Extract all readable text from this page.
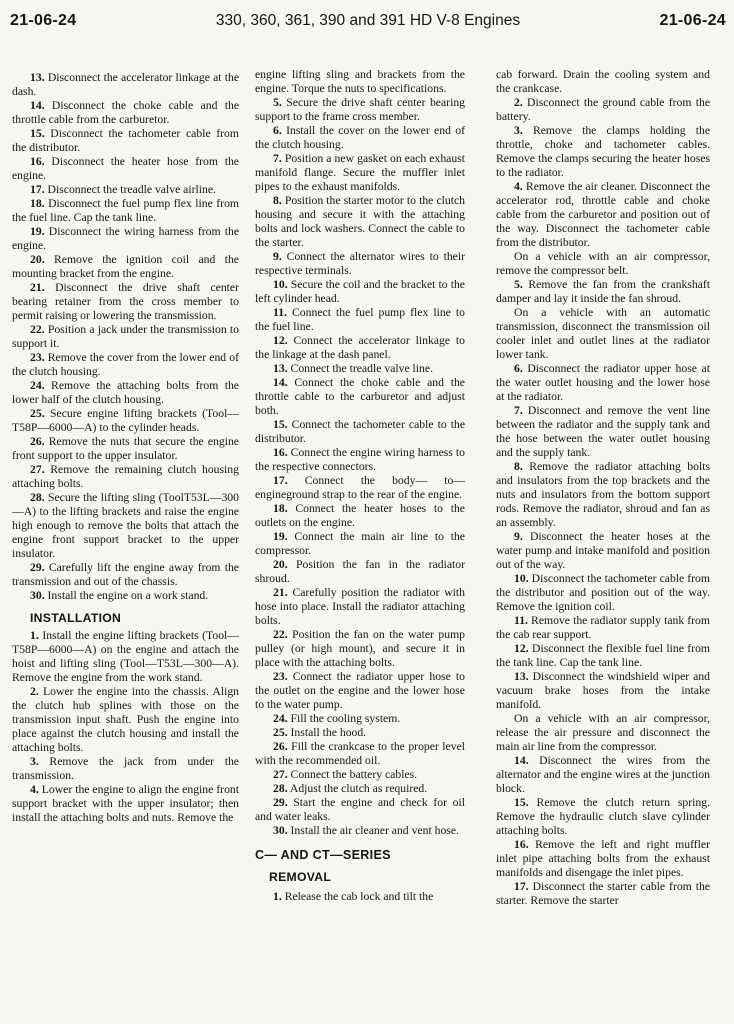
21-06-24	330, 360, 361, 390 and 391 HD V-8 Engines	21-06-24

13. Disconnect the accelerator linkage at the dash.

14. Disconnect the choke cable and the throttle cable from the carburetor.

15. Disconnect the tachometer cable from the distributor.

16. Disconnect the heater hose from the engine.

17. Disconnect the treadle valve airline.

18. Disconnect the fuel pump flex line from the fuel line. Cap the tank line.

19. Disconnect the wiring harness from the engine.

20. Remove the ignition coil and the mounting bracket from the engine.

21. Disconnect the drive shaft center bearing retainer from the cross member to permit raising or lowering the transmission.

22. Position a jack under the transmission to support it.

23. Remove the cover from the lower end of the clutch housing.

24. Remove the attaching bolts from the lower half of the clutch housing.

25. Secure engine lifting brackets (Tool—T58P—6000—A) to the cylinder heads.

26. Remove the nuts that secure the engine front support to the upper insulator.

27. Remove the remaining clutch housing attaching bolts.

28. Secure the lifting sling (ToolT53L—300—A) to the lifting brackets and raise the engine high enough to remove the bolts that attach the engine front support bracket to the upper insulator.

29. Carefully lift the engine away from the transmission and out of the chassis.

30. Install the engine on a work stand.

INSTALLATION

1. Install the engine lifting brackets (Tool—T58P—6000—A) on the engine and attach the hoist and lifting sling (Tool—T53L—300—A). Remove the engine from the work stand.

2. Lower the engine into the chassis. Align the clutch hub splines with those on the transmission input shaft. Push the engine into place against the clutch housing and install the attaching bolts.

3. Remove the jack from under the transmission.

4. Lower the engine to align the engine front support bracket with the upper insulator; then install the attaching bolts and nuts. Remove the

engine lifting sling and brackets from the engine. Torque the nuts to specifications.

5. Secure the drive shaft center bearing support to the frame cross member.

6. Install the cover on the lower end of the clutch housing.

7. Position a new gasket on each exhaust manifold flange. Secure the muffler inlet pipes to the exhaust manifolds.

8. Position the starter motor to the clutch housing and secure it with the attaching bolts and lock washers. Connect the cable to the starter.

9. Connect the alternator wires to their respective terminals.

10. Secure the coil and the bracket to the left cylinder head.

11. Connect the fuel pump flex line to the fuel line.

12. Connect the accelerator linkage to the linkage at the dash panel.

13. Connect the treadle valve line.

14. Connect the choke cable and the throttle cable to the carburetor and adjust both.

15. Connect the tachometer cable to the distributor.

16. Connect the engine wiring harness to the respective connectors.

17. Connect the body— to— engineground strap to the rear of the engine.

18. Connect the heater hoses to the outlets on the engine.

19. Connect the main air line to the compressor.

20. Position the fan in the radiator shroud.

21. Carefully position the radiator with hose into place. Install the radiator attaching bolts.

22. Position the fan on the water pump pulley (or high mount), and secure it in place with the attaching bolts.

23. Connect the radiator upper hose to the outlet on the engine and the lower hose to the water pump.

24. Fill the cooling system.

25. Install the hood.

26. Fill the crankcase to the proper level with the recommended oil.

27. Connect the battery cables.

28. Adjust the clutch as required.

29. Start the engine and check for oil and water leaks.

30. Install the air cleaner and vent hose.

C— AND CT—SERIES
REMOVAL

1. Release the cab lock and tilt the

cab forward. Drain the cooling system and the crankcase.

2. Disconnect the ground cable from the battery.

3. Remove the clamps holding the throttle, choke and tachometer cables. Remove the clamps securing the heater hoses to the radiator.

4. Remove the air cleaner. Disconnect the accelerator rod, throttle cable and choke cable from the carburetor and position out of the way. Disconnect the tachometer cable from the distributor.

On a vehicle with an air compressor, remove the compressor belt.

5. Remove the fan from the crankshaft damper and lay it inside the fan shroud.

On a vehicle with an automatic transmission, disconnect the transmission oil cooler inlet and outlet lines at the radiator lower tank.

6. Disconnect the radiator upper hose at the water outlet housing and the lower hose at the radiator.

7. Disconnect and remove the vent line between the radiator and the supply tank and the hose between the water outlet housing and the supply tank.

8. Remove the radiator attaching bolts and insulators from the top brackets and the nuts and insulators from the bottom support rods. Remove the radiator, shroud and fan as an assembly.

9. Disconnect the heater hoses at the water pump and intake manifold and position out of the way.

10. Disconnect the tachometer cable from the distributor and position out of the way. Remove the ignition coil.

11. Remove the radiator supply tank from the cab rear support.

12. Disconnect the flexible fuel line from the tank line. Cap the tank line.

13. Disconnect the windshield wiper and vacuum brake hoses from the intake manifold.

On a vehicle with an air compressor, release the air pressure and disconnect the main air line from the compressor.

14. Disconnect the wires from the alternator and the engine wires at the junction block.

15. Remove the clutch return spring. Remove the hydraulic clutch slave cylinder attaching bolts.

16. Remove the left and right muffler inlet pipe attaching bolts from the exhaust manifolds and disengage the inlet pipes.

17. Disconnect the starter cable from the starter. Remove the starter
